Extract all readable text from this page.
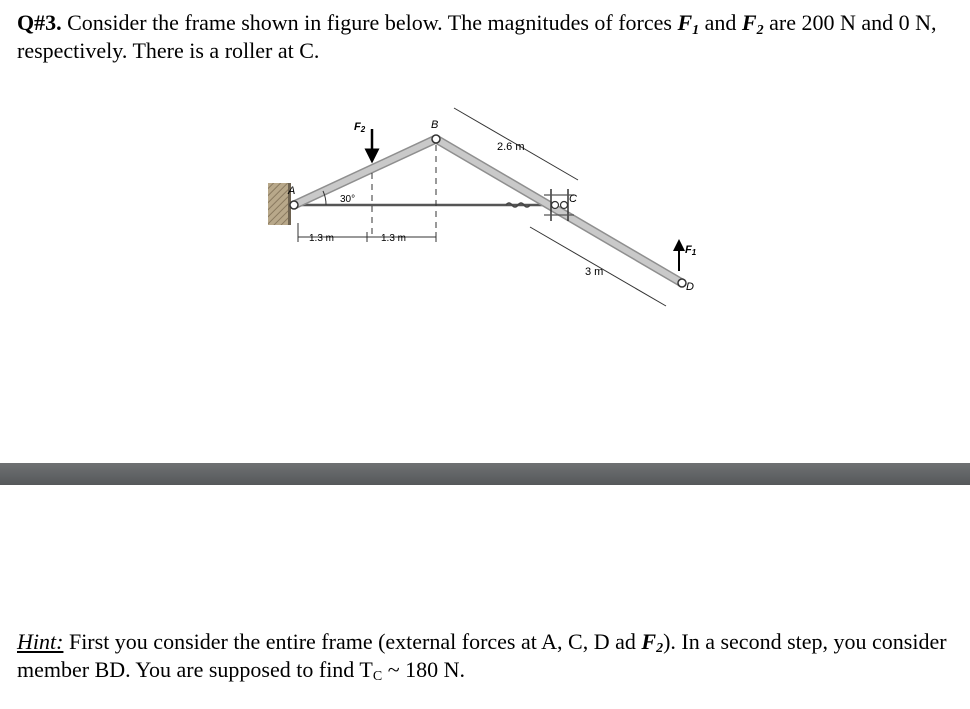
Q#3. Consider the frame shown in figure below. The magnitudes of forces $F_1$ and $F_2$ are 200 N and 0 N, respectively. There is a roller at C.
A
B
C
D
F2
F1
30°
2.6 m
3 m
1.3 m	1.3 m
Hint: First you consider the entire frame (external forces at A, C, D ad $F_2$). In a second step, you consider member BD. You are supposed to find $T_C$ ~ 180 N.
